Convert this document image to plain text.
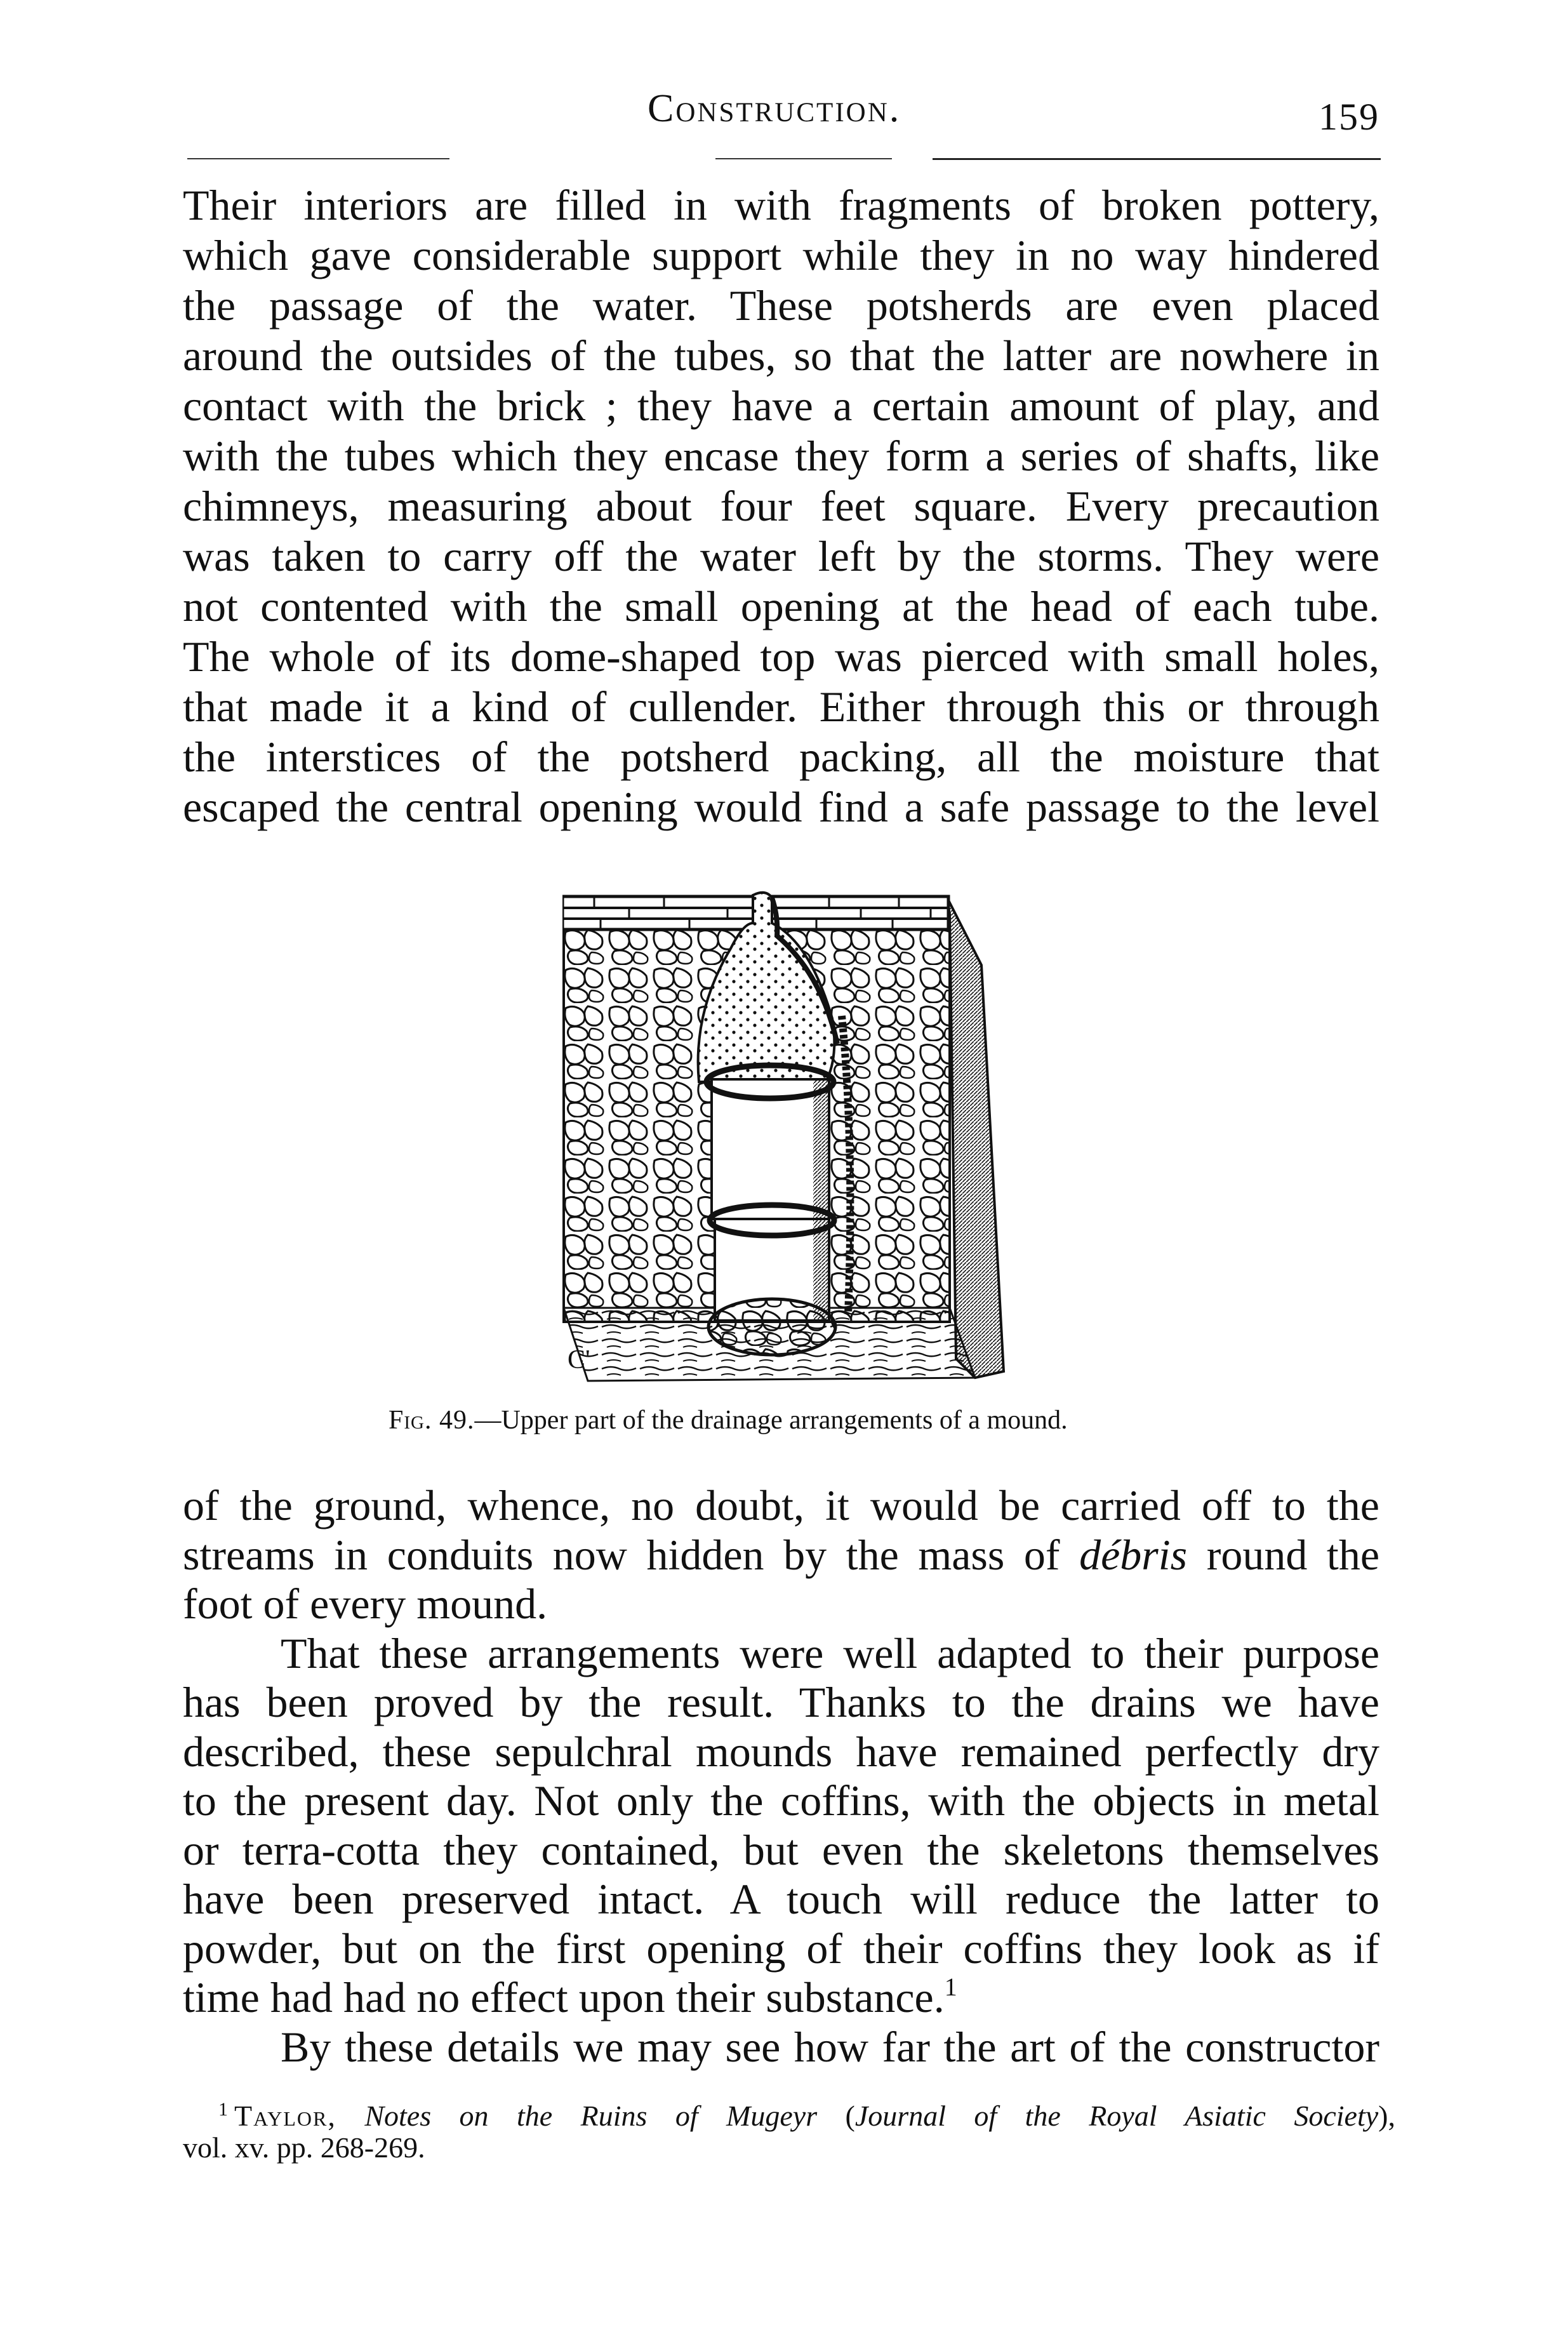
Construction.	159
Their interiors are filled in with fragments of broken pottery,
which gave considerable support while they in no way hindered
the passage of the water. These potsherds are even placed
around the outsides of the tubes, so that the latter are nowhere in
contact with the brick ; they have a certain amount of play, and
with the tubes which they encase they form a series of shafts, like
chimneys, measuring about four feet square. Every precaution
was taken to carry off the water left by the storms. They were
not contented with the small opening at the head of each tube.
The whole of its dome-shaped top was pierced with small holes,
that made it a kind of cullender. Either through this or through
the interstices of the potsherd packing, all the moisture that
escaped the central opening would find a safe passage to the level
C'
Fig. 49.—Upper part of the drainage arrangements of a mound.
of the ground, whence, no doubt, it would be carried off to the
streams in conduits now hidden by the mass of débris round the
foot of every mound.
That these arrangements were well adapted to their purpose
has been proved by the result. Thanks to the drains we have
described, these sepulchral mounds have remained perfectly dry
to the present day. Not only the coffins, with the objects in metal
or terra-cotta they contained, but even the skeletons themselves
have been preserved intact. A touch will reduce the latter to
powder, but on the first opening of their coffins they look as if
time had had no effect upon their substance.$^1$
By these details we may see how far the art of the constructor
$^1$ Taylor, Notes on the Ruins of Mugeyr (Journal of the Royal Asiatic Society),
vol. xv. pp. 268-269.
